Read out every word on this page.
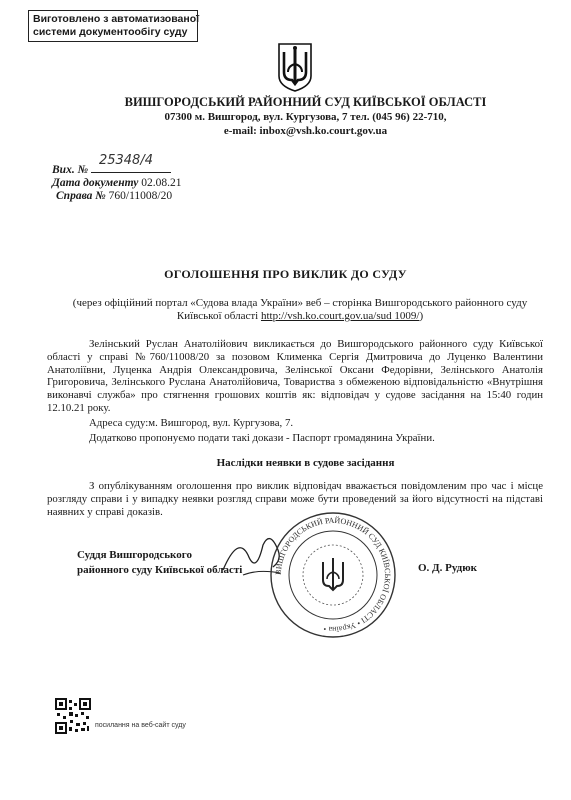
Виготовлено з автоматизованої
системи документообігу суду
ВИШГОРОДСЬКИЙ РАЙОННИЙ СУД КИЇВСЬКОЇ ОБЛАСТІ
07300 м. Вишгород, вул. Кургузова, 7 тел. (045 96) 22-710,
e-mail: inbox@vsh.ko.court.gov.ua
Вих. №
25348/4
Дата документу 02.08.21
Справа № 760/11008/20
ОГОЛОШЕННЯ ПРО ВИКЛИК ДО СУДУ
(через офіційний портал «Судова влада України» веб – сторінка Вишгородського районного суду
Київської області http://vsh.ko.court.gov.ua/sud 1009/)
Зелінський Руслан Анатолійович викликається до Вишгородського районного суду Київської області у справі №760/11008/20 за позовом Клименка Сергія Дмитровича до Луценко Валентини Анатоліївни, Луценка Андрія Олександровича, Зелінської Оксани Федорівни, Зелінського Анатолія Григоровича, Зелінського Руслана Анатолійовича, Товариства з обмеженою відповідальністю «Внутрішня виконавчі служба» про стягнення грошових коштів як: відповідач у судове засідання на 15:40 годин 12.10.21 року.
Адреса суду:м. Вишгород, вул. Кургузова, 7.
Додатково пропонуємо подати такі докази - Паспорт громадянина України.
Наслідки неявки в судове засідання
З опублікуванням оголошення про виклик відповідач вважається повідомленим про час і місце розгляду справи і у випадку неявки розгляд справи може бути проведений за його відсутності на підставі наявних у справі доказів.
Суддя Вишгородського
районного суду Київської області	ВИШГОРОДСЬКИЙ РАЙОННИЙ СУД КИЇВСЬКОЇ ОБЛАСТІ • Україна •
О. Д. Рудюк
посилання на веб-сайт суду
